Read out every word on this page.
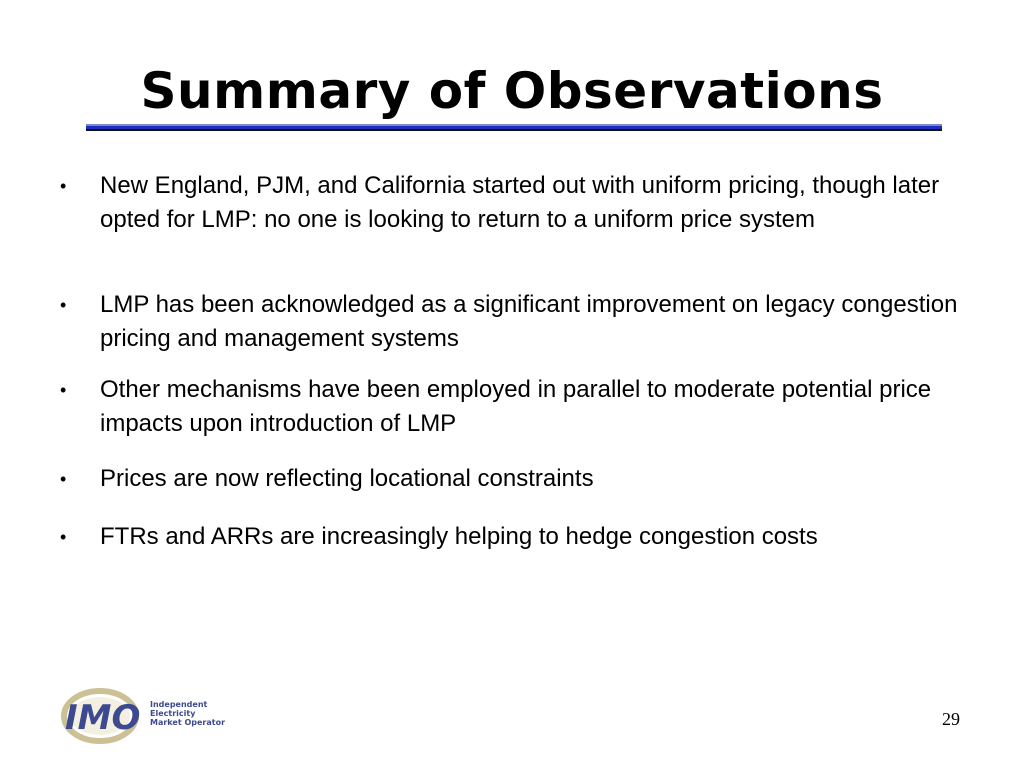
Summary of Observations
• New England, PJM, and California started out with uniform pricing, though later opted for LMP: no one is looking to return to a uniform price system
• LMP has been acknowledged as a significant improvement on legacy congestion pricing and management systems
• Other mechanisms have been employed in parallel to moderate potential price impacts upon introduction of LMP
• Prices are now reflecting locational constraints
• FTRs and ARRs are increasingly helping to hedge congestion costs
IMO Independent
Electricity
Market Operator	29
